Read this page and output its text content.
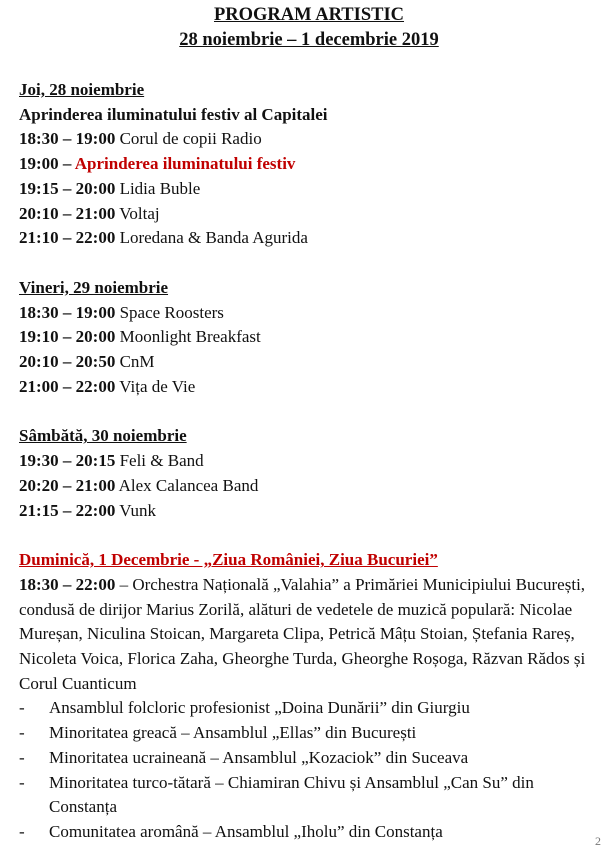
PROGRAM ARTISTIC

28 noiembrie – 1 decembrie 2019

Joi, 28 noiembrie

Aprinderea iluminatului festiv al Capitalei

18:30 – 19:00 Corul de copii Radio

19:00 – Aprinderea iluminatului festiv

19:15 – 20:00 Lidia Buble

20:10 – 21:00 Voltaj

21:10 – 22:00 Loredana & Banda Agurida

Vineri, 29 noiembrie

18:30 – 19:00 Space Roosters

19:10 – 20:00 Moonlight Breakfast

20:10 – 20:50 CnM

21:00 – 22:00 Vița de Vie

Sâmbătă, 30 noiembrie

19:30 – 20:15 Feli & Band

20:20 – 21:00 Alex Calancea Band

21:15 – 22:00 Vunk

Duminică, 1 Decembrie - „Ziua României, Ziua Bucuriei”

18:30 – 22:00 – Orchestra Națională „Valahia” a Primăriei Municipiului București, condusă de dirijor Marius Zorilă, alături de vedetele de muzică populară: Nicolae Mureșan, Niculina Stoican, Margareta Clipa, Petrică Mâțu Stoian, Ștefania Rareș, Nicoleta Voica, Florica Zaha, Gheorghe Turda, Gheorghe Roșoga, Răzvan Rădos și Corul Cuanticum

- Ansamblul folcloric profesionist „Doina Dunării” din Giurgiu
- Minoritatea greacă – Ansamblul „Ellas” din București
- Minoritatea ucraineană – Ansamblul „Kozaciok” din Suceava
- Minoritatea turco-tătară – Chiamiran Chivu și Ansamblul „Can Su” din Constanța
- Comunitatea aromână – Ansamblul „Iholu” din Constanța	2
